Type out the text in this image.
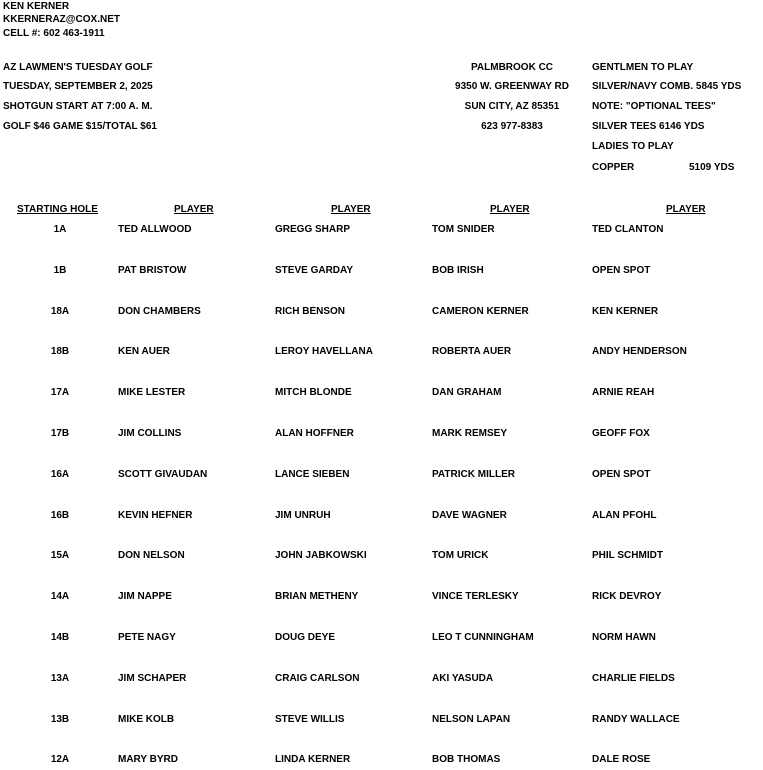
KEN KERNER
KKERNERAZ@COX.NET
CELL #: 602 463-1911
AZ LAWMEN'S TUESDAY GOLF
TUESDAY, SEPTEMBER 2, 2025
SHOTGUN START AT 7:00 A. M.
GOLF $46 GAME $15/TOTAL $61
PALMBROOK CC
9350 W. GREENWAY RD
SUN CITY, AZ 85351
623 977-8383
GENTLMEN TO PLAY
SILVER/NAVY COMB. 5845 YDS
NOTE: "OPTIONAL TEES"
SILVER TEES 6146 YDS
LADIES TO PLAY
COPPER	5109 YDS
STARTING HOLE	PLAYER	PLAYER	PLAYER	PLAYER
1A	TED ALLWOOD	GREGG SHARP	TOM SNIDER	TED CLANTON
1B	PAT BRISTOW	STEVE GARDAY	BOB IRISH	OPEN SPOT
18A	DON CHAMBERS	RICH BENSON	CAMERON KERNER	KEN KERNER
18B	KEN AUER	LEROY HAVELLANA	ROBERTA AUER	ANDY HENDERSON
17A	MIKE LESTER	MITCH BLONDE	DAN GRAHAM	ARNIE REAH
17B	JIM COLLINS	ALAN HOFFNER	MARK REMSEY	GEOFF FOX
16A	SCOTT GIVAUDAN	LANCE SIEBEN	PATRICK MILLER	OPEN SPOT
16B	KEVIN HEFNER	JIM UNRUH	DAVE WAGNER	ALAN PFOHL
15A	DON NELSON	JOHN JABKOWSKI	TOM URICK	PHIL SCHMIDT
14A	JIM NAPPE	BRIAN METHENY	VINCE TERLESKY	RICK DEVROY
14B	PETE NAGY	DOUG DEYE	LEO T CUNNINGHAM	NORM HAWN
13A	JIM SCHAPER	CRAIG CARLSON	AKI YASUDA	CHARLIE FIELDS
13B	MIKE KOLB	STEVE WILLIS	NELSON LAPAN	RANDY WALLACE
12A	MARY BYRD	LINDA KERNER	BOB THOMAS	DALE ROSE
